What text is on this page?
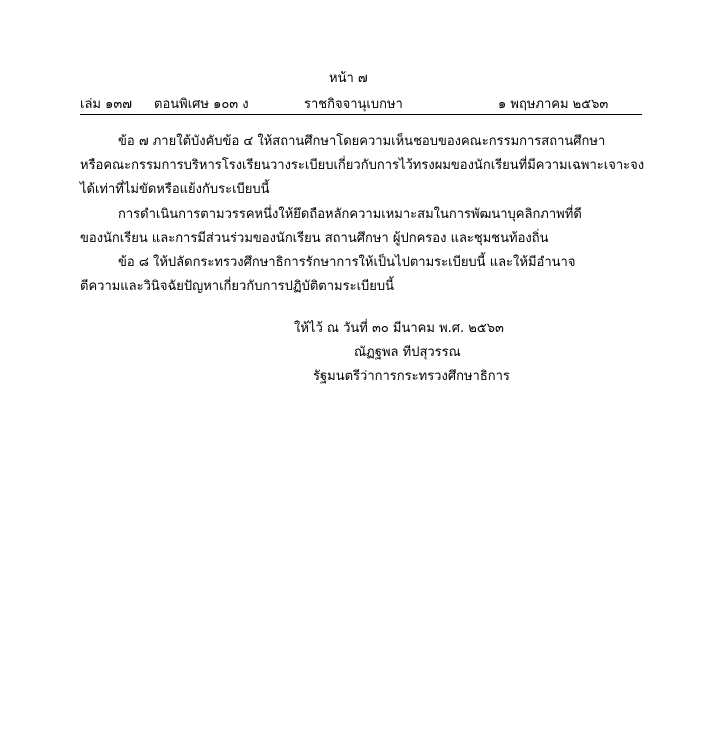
หน้า ๗
เล่ม ๑๓๗ ตอนพิเศษ ๑๐๓ ง	ราชกิจจานุเบกษา	๑ พฤษภาคม ๒๕๖๓
ข้อ ๗ ภายใต้บังคับข้อ ๔ ให้สถานศึกษาโดยความเห็นชอบของคณะกรรมการสถานศึกษา
หรือคณะกรรมการบริหารโรงเรียนวางระเบียบเกี่ยวกับการไว้ทรงผมของนักเรียนที่มีความเฉพาะเจาะจง
ได้เท่าที่ไม่ขัดหรือแย้งกับระเบียบนี้
การดำเนินการตามวรรคหนึ่งให้ยึดถือหลักความเหมาะสมในการพัฒนาบุคลิกภาพที่ดี
ของนักเรียน และการมีส่วนร่วมของนักเรียน สถานศึกษา ผู้ปกครอง และชุมชนท้องถิ่น
ข้อ ๘ ให้ปลัดกระทรวงศึกษาธิการรักษาการให้เป็นไปตามระเบียบนี้ และให้มีอำนาจ
ตีความและวินิจฉัยปัญหาเกี่ยวกับการปฏิบัติตามระเบียบนี้
ให้ไว้ ณ วันที่ ๓๐ มีนาคม พ.ศ. ๒๕๖๓
ณัฏฐพล ทีปสุวรรณ
รัฐมนตรีว่าการกระทรวงศึกษาธิการ
